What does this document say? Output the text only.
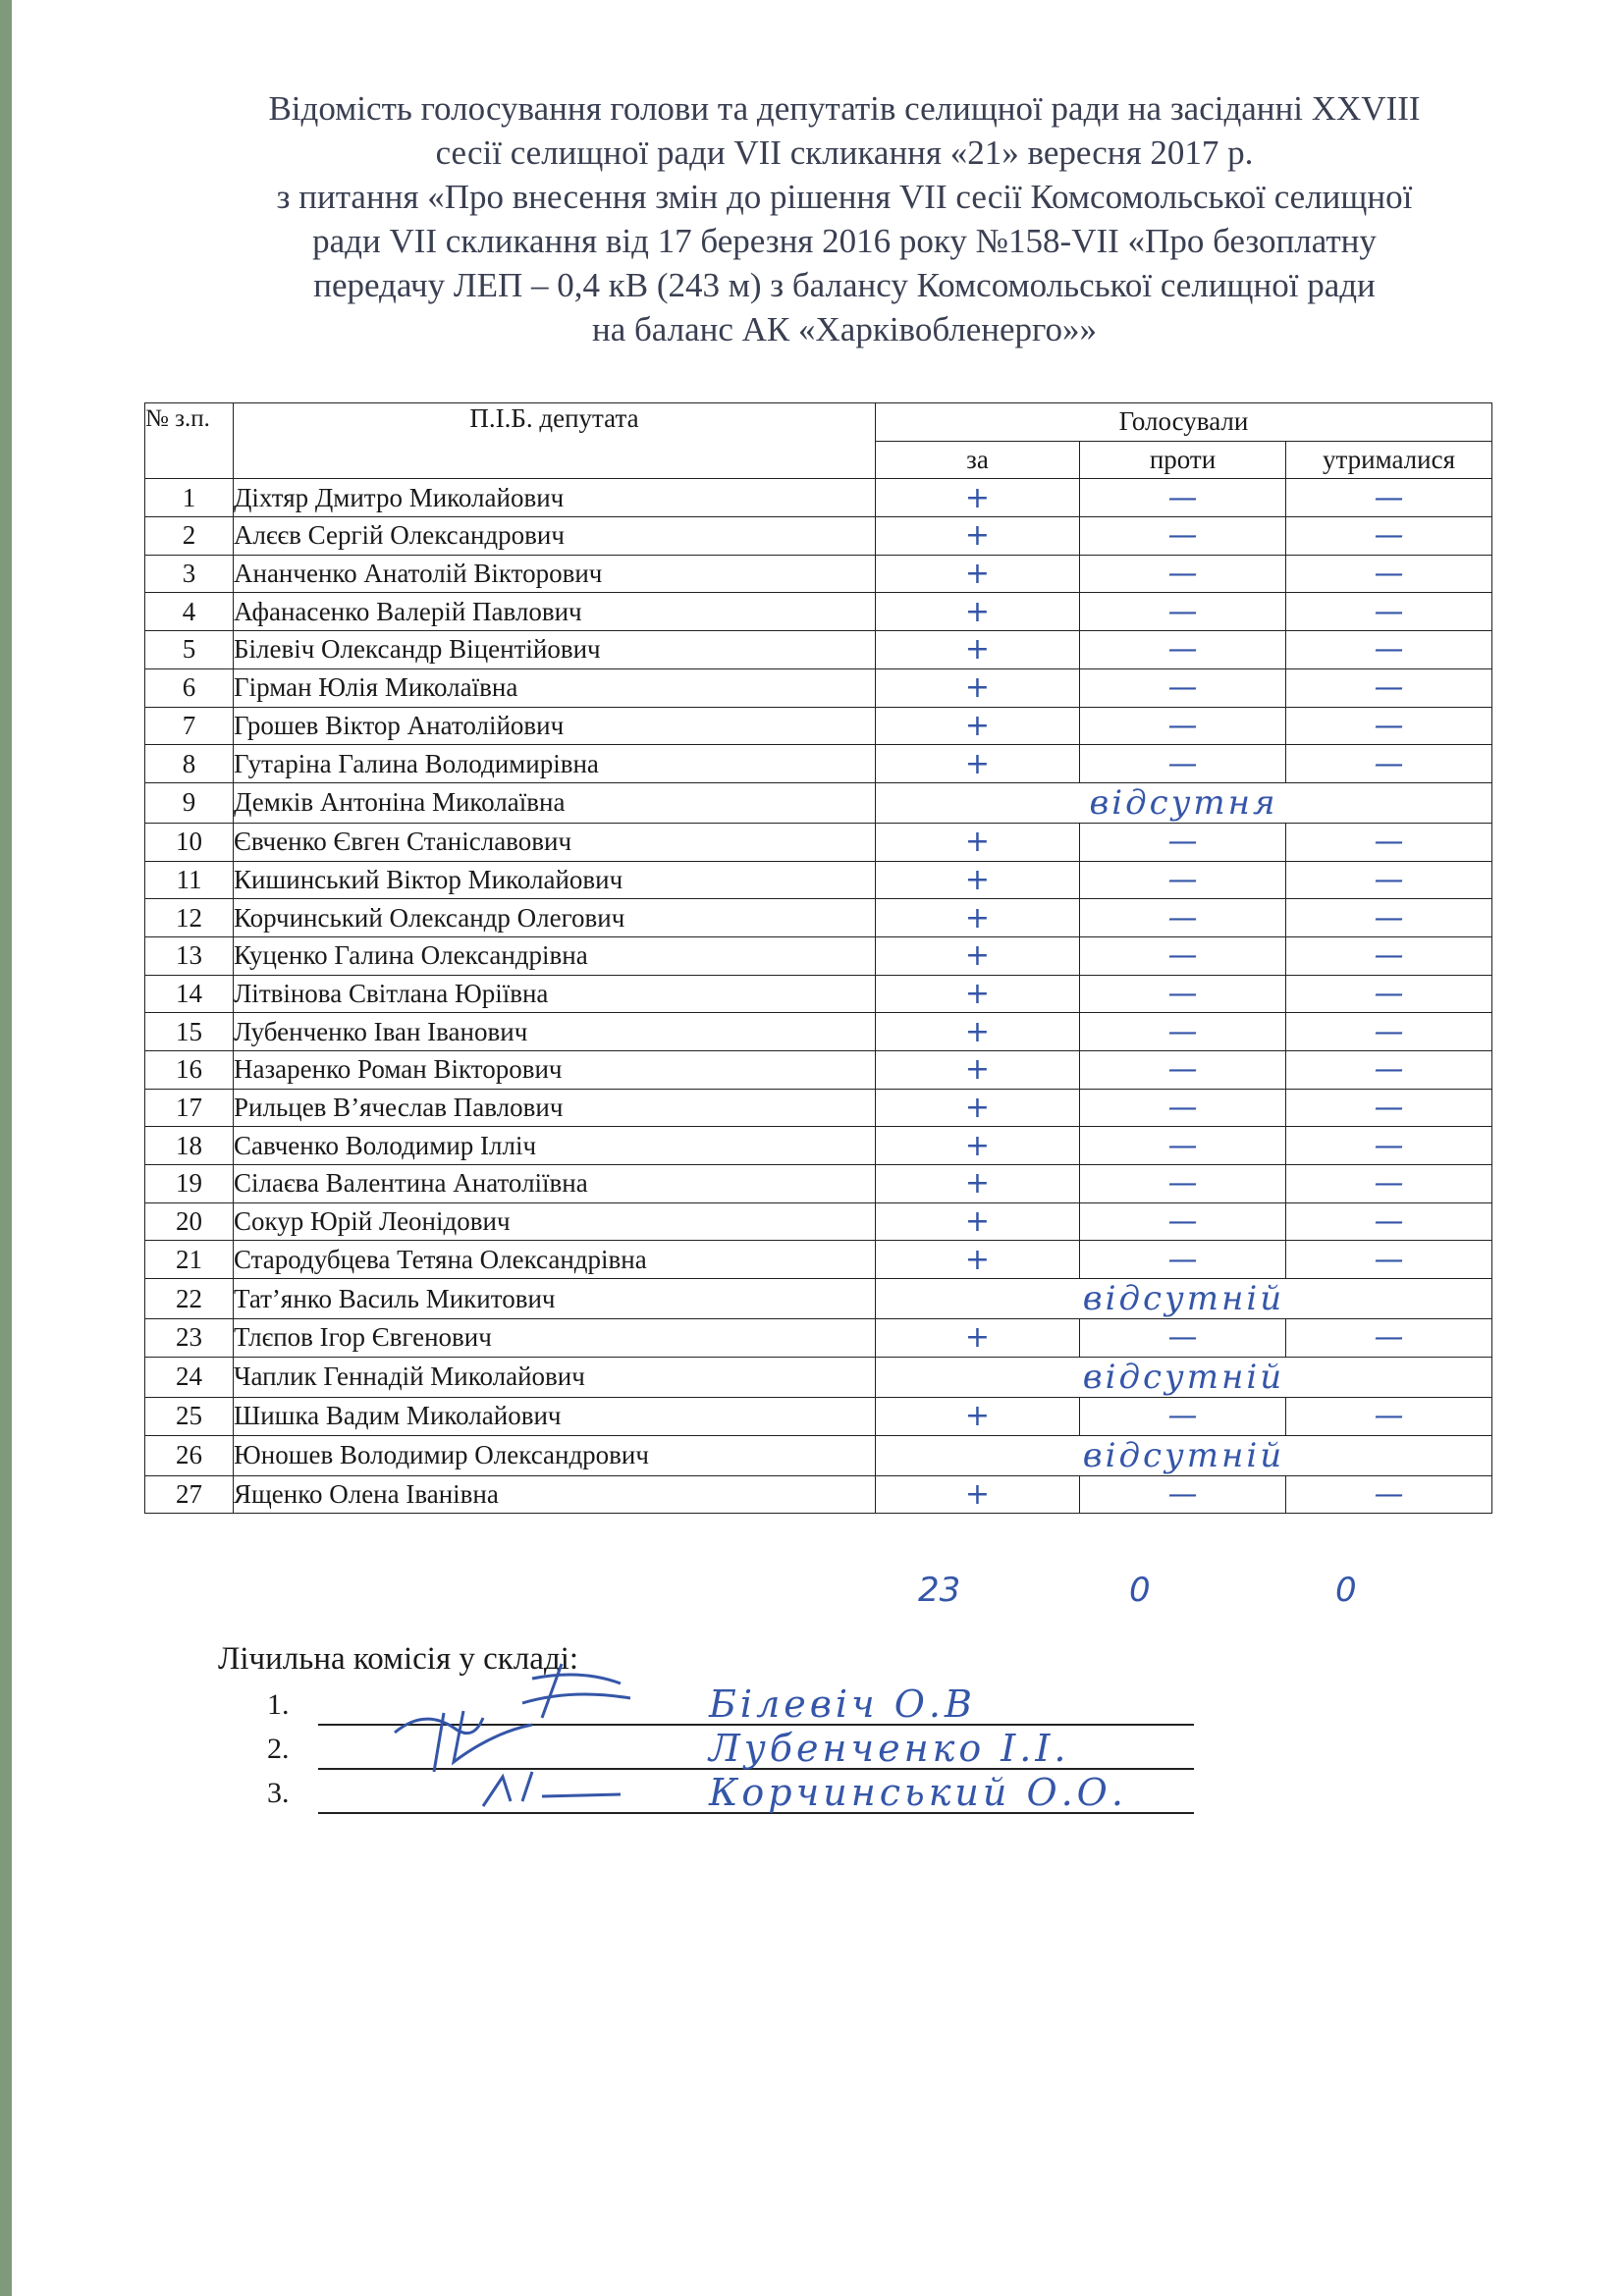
Відомість голосування голови та депутатів селищної ради на засіданні XXVIII
сесії селищної ради VII скликання «21» вересня 2017 р.
з питання «Про внесення змін до рішення VII сесії Комсомольської селищної
ради VII скликання від 17 березня 2016 року №158-VII «Про безоплатну
передачу ЛЕП – 0,4 кВ (243 м) з балансу Комсомольської селищної ради
на баланс АК «Харківобленерго»»
№ з.п.	П.І.Б. депутата	Голосували		
		за	проти	утрималися
1	Діхтяр Дмитро Миколайович	+	—	—
2	Алєєв Сергій Олександрович	+	—	—
3	Ананченко Анатолій Вікторович	+	—	—
4	Афанасенко Валерій Павлович	+	—	—
5	Білевіч Олександр Віцентійович	+	—	—
6	Гірман Юлія Миколаївна	+	—	—
7	Грошев Віктор Анатолійович	+	—	—
8	Гутаріна Галина Володимирівна	+	—	—
9	Демків Антоніна Миколаївна	відсутня		
10	Євченко Євген Станіславович	+	—	—
11	Кишинський Віктор Миколайович	+	—	—
12	Корчинський Олександр Олегович	+	—	—
13	Куценко Галина Олександрівна	+	—	—
14	Літвінова Світлана Юріївна	+	—	—
15	Лубенченко Іван Іванович	+	—	—
16	Назаренко Роман Вікторович	+	—	—
17	Рильцев В’ячеслав Павлович	+	—	—
18	Савченко Володимир Ілліч	+	—	—
19	Сілаєва Валентина Анатоліївна	+	—	—
20	Сокур Юрій Леонідович	+	—	—
21	Стародубцева Тетяна Олександрівна	+	—	—
22	Тат’янко Василь Микитович	відсутній		
23	Тлєпов Ігор Євгенович	+	—	—
24	Чаплик Геннадій Миколайович	відсутній		
25	Шишка Вадим Миколайович	+	—	—
26	Юношев Володимир Олександрович	відсутній		
27	Ященко Олена Іванівна	+	—	—
23	0	0
Лічильна комісія у складі:
1.	Білевіч О.В
2.	Лубенченко І.І.
3.	Корчинський О.О.
